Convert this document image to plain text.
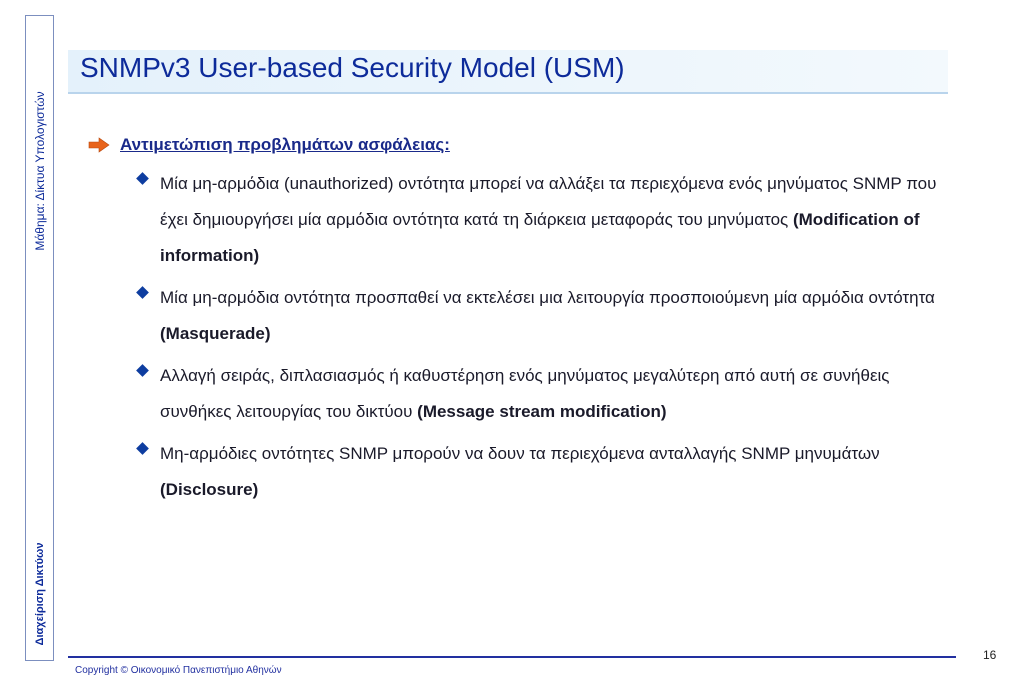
Μάθημα: Δίκτυα Υπολογιστών
Διαχείριση Δικτύων
SNMPv3 User-based Security Model (USM)
Αντιμετώπιση προβλημάτων ασφάλειας:
Μία μη-αρμόδια (unauthorized) οντότητα μπορεί να αλλάξει τα περιεχόμενα ενός μηνύματος SNMP που έχει δημιουργήσει μία αρμόδια οντότητα κατά τη διάρκεια μεταφοράς του μηνύματος (Modification of information)
Μία μη-αρμόδια οντότητα προσπαθεί να εκτελέσει μια λειτουργία προσποιούμενη μία αρμόδια οντότητα (Masquerade)
Αλλαγή σειράς, διπλασιασμός ή καθυστέρηση ενός μηνύματος μεγαλύτερη από αυτή σε συνήθεις συνθήκες λειτουργίας του δικτύου (Message stream modification)
Μη-αρμόδιες οντότητες SNMP μπορούν να δουν τα περιεχόμενα ανταλλαγής SNMP μηνυμάτων (Disclosure)
16
Copyright © Οικονομικό Πανεπιστήμιο Αθηνών
